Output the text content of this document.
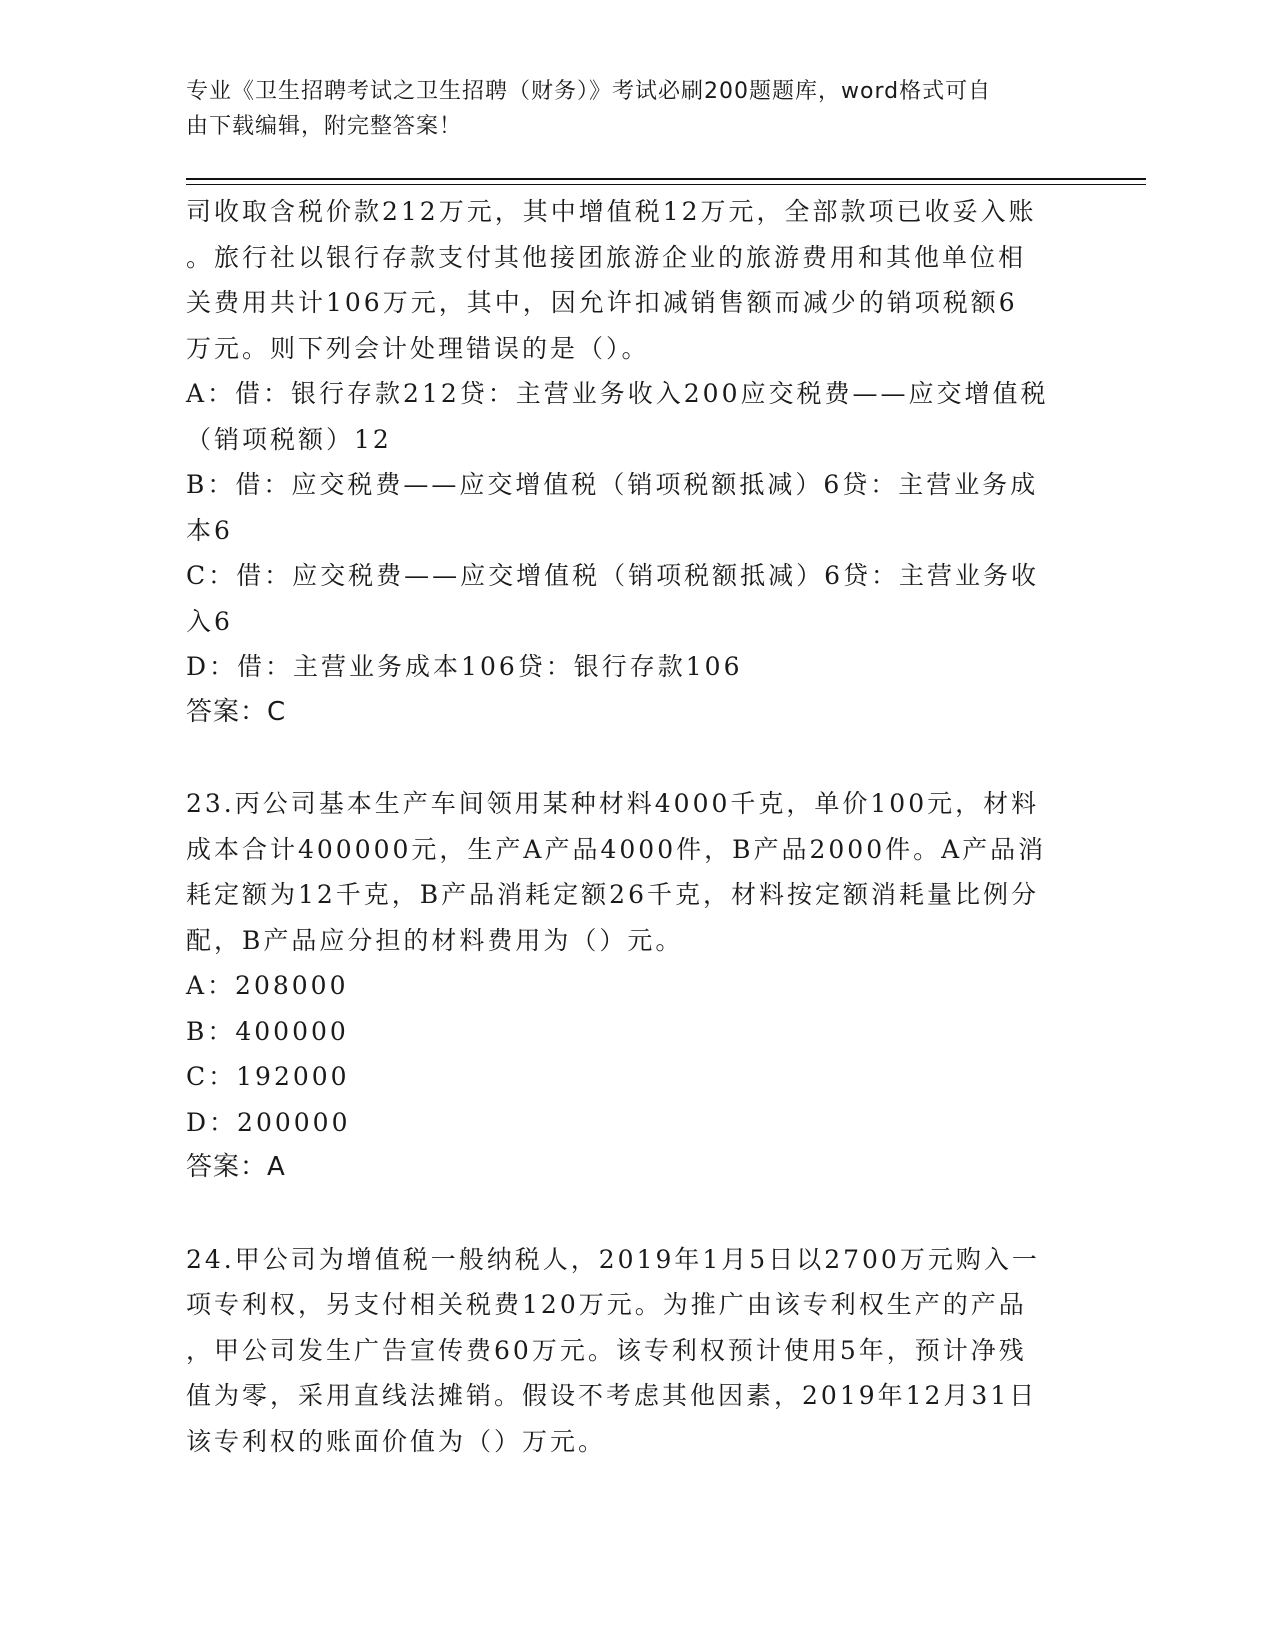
专业《卫生招聘考试之卫生招聘（财务）》考试必刷200题题库，word格式可自
由下载编辑，附完整答案！
司收取含税价款212万元，其中增值税12万元，全部款项已收妥入账
。旅行社以银行存款支付其他接团旅游企业的旅游费用和其他单位相
关费用共计106万元，其中，因允许扣减销售额而减少的销项税额6
万元。则下列会计处理错误的是（）。
A：借：银行存款212贷：主营业务收入200应交税费——应交增值税
（销项税额）12
B：借：应交税费——应交增值税（销项税额抵减）6贷：主营业务成
本6
C：借：应交税费——应交增值税（销项税额抵减）6贷：主营业务收
入6
D：借：主营业务成本106贷：银行存款106
答案：C
23.丙公司基本生产车间领用某种材料4000千克，单价100元，材料
成本合计400000元，生产A产品4000件，B产品2000件。A产品消
耗定额为12千克，B产品消耗定额26千克，材料按定额消耗量比例分
配，B产品应分担的材料费用为（）元。
A：208000
B：400000
C：192000
D：200000
答案：A
24.甲公司为增值税一般纳税人，2019年1月5日以2700万元购入一
项专利权，另支付相关税费120万元。为推广由该专利权生产的产品
，甲公司发生广告宣传费60万元。该专利权预计使用5年，预计净残
值为零，采用直线法摊销。假设不考虑其他因素，2019年12月31日
该专利权的账面价值为（）万元。
